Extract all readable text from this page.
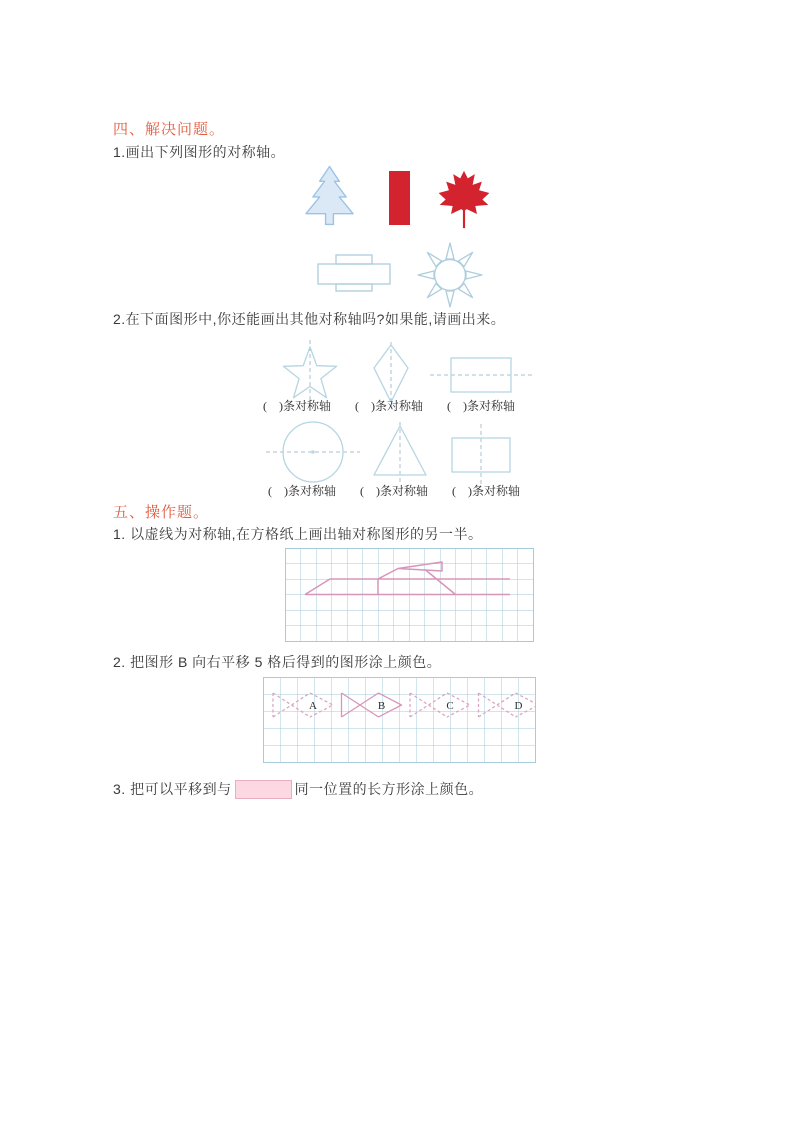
四、解决问题。
1.画出下列图形的对称轴。
2.在下面图形中,你还能画出其他对称轴吗?如果能,请画出来。
(　)条对称轴 (　)条对称轴 (　)条对称轴
(　)条对称轴 (　)条对称轴 (　)条对称轴
五、操作题。
1. 以虚线为对称轴,在方格纸上画出轴对称图形的另一半。
2. 把图形 B 向右平移 5 格后得到的图形涂上颜色。
A	B	C	D
3. 把可以平移到与	同一位置的长方形涂上颜色。
